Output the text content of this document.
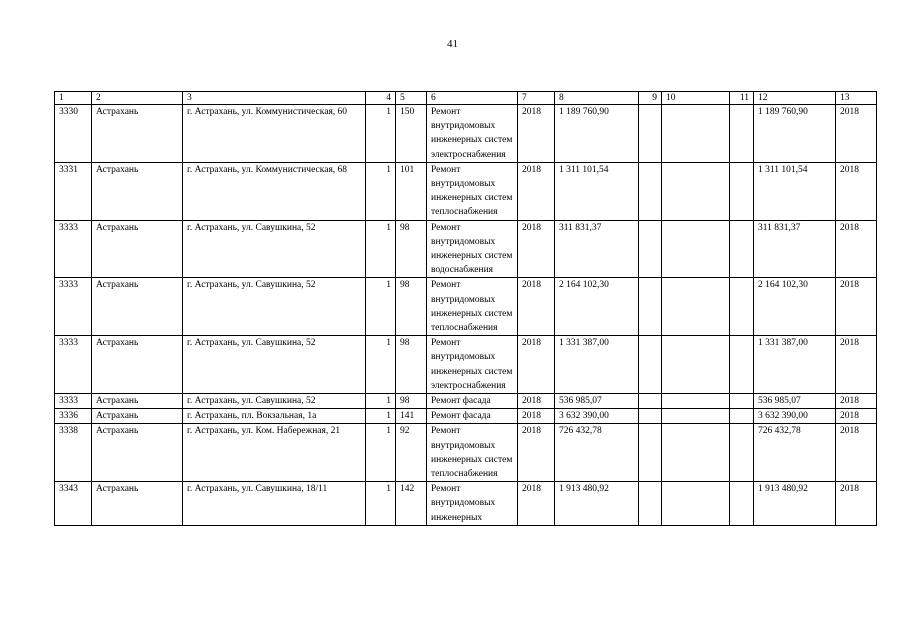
41
1	2	3	4	5	6	7	8	9	10	11	12	13
3330	Астрахань	г. Астрахань, ул. Коммунистическая, 60	1	150	Ремонт внутридомовых инженерных систем электроснабжения	2018	1 189 760,90				1 189 760,90	2018
3331	Астрахань	г. Астрахань, ул. Коммунистическая, 68	1	101	Ремонт внутридомовых инженерных систем теплоснабжения	2018	1 311 101,54				1 311 101,54	2018
3333	Астрахань	г. Астрахань, ул. Савушкина, 52	1	98	Ремонт внутридомовых инженерных систем водоснабжения	2018	311 831,37				311 831,37	2018
3333	Астрахань	г. Астрахань, ул. Савушкина, 52	1	98	Ремонт внутридомовых инженерных систем теплоснабжения	2018	2 164 102,30				2 164 102,30	2018
3333	Астрахань	г. Астрахань, ул. Савушкина, 52	1	98	Ремонт внутридомовых инженерных систем электроснабжения	2018	1 331 387,00				1 331 387,00	2018
3333	Астрахань	г. Астрахань, ул. Савушкина, 52	1	98	Ремонт фасада	2018	536 985,07				536 985,07	2018
3336	Астрахань	г. Астрахань, пл. Вокзальная, 1а	1	141	Ремонт фасада	2018	3 632 390,00				3 632 390,00	2018
3338	Астрахань	г. Астрахань, ул. Ком. Набережная, 21	1	92	Ремонт внутридомовых инженерных систем теплоснабжения	2018	726 432,78				726 432,78	2018
3343	Астрахань	г. Астрахань, ул. Савушкина, 18/11	1	142	Ремонт внутридомовых инженерных	2018	1 913 480,92				1 913 480,92	2018
